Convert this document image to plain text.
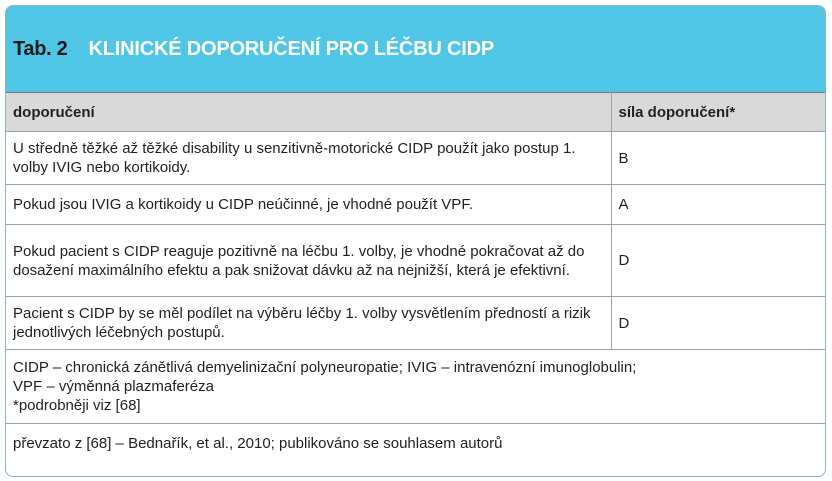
Tab. 2 KLINICKÉ DOPORUČENÍ PRO LÉČBU CIDP
doporučení	síla doporučení*
U středně těžké až těžké disability u senzitivně-motorické CIDP použít jako postup 1. volby IVIG nebo kortikoidy.	B
Pokud jsou IVIG a kortikoidy u CIDP neúčinné, je vhodné použít VPF.	A
Pokud pacient s CIDP reaguje pozitivně na léčbu 1. volby, je vhodné pokračovat až do dosažení maximálního efektu a pak snižovat dávku až na nejnižší, která je efektivní.	D
Pacient s CIDP by se měl podílet na výběru léčby 1. volby vysvětlením předností a rizik jednotlivých léčebných postupů.	D

CIDP – chronická zánětlivá demyelinizační polyneuropatie; IVIG – intravenózní imunoglobulin;
VPF – výměnná plazmaferéza
*podrobněji viz [68]	

převzato z [68] – Bednařík, et al., 2010; publikováno se souhlasem autorů	
